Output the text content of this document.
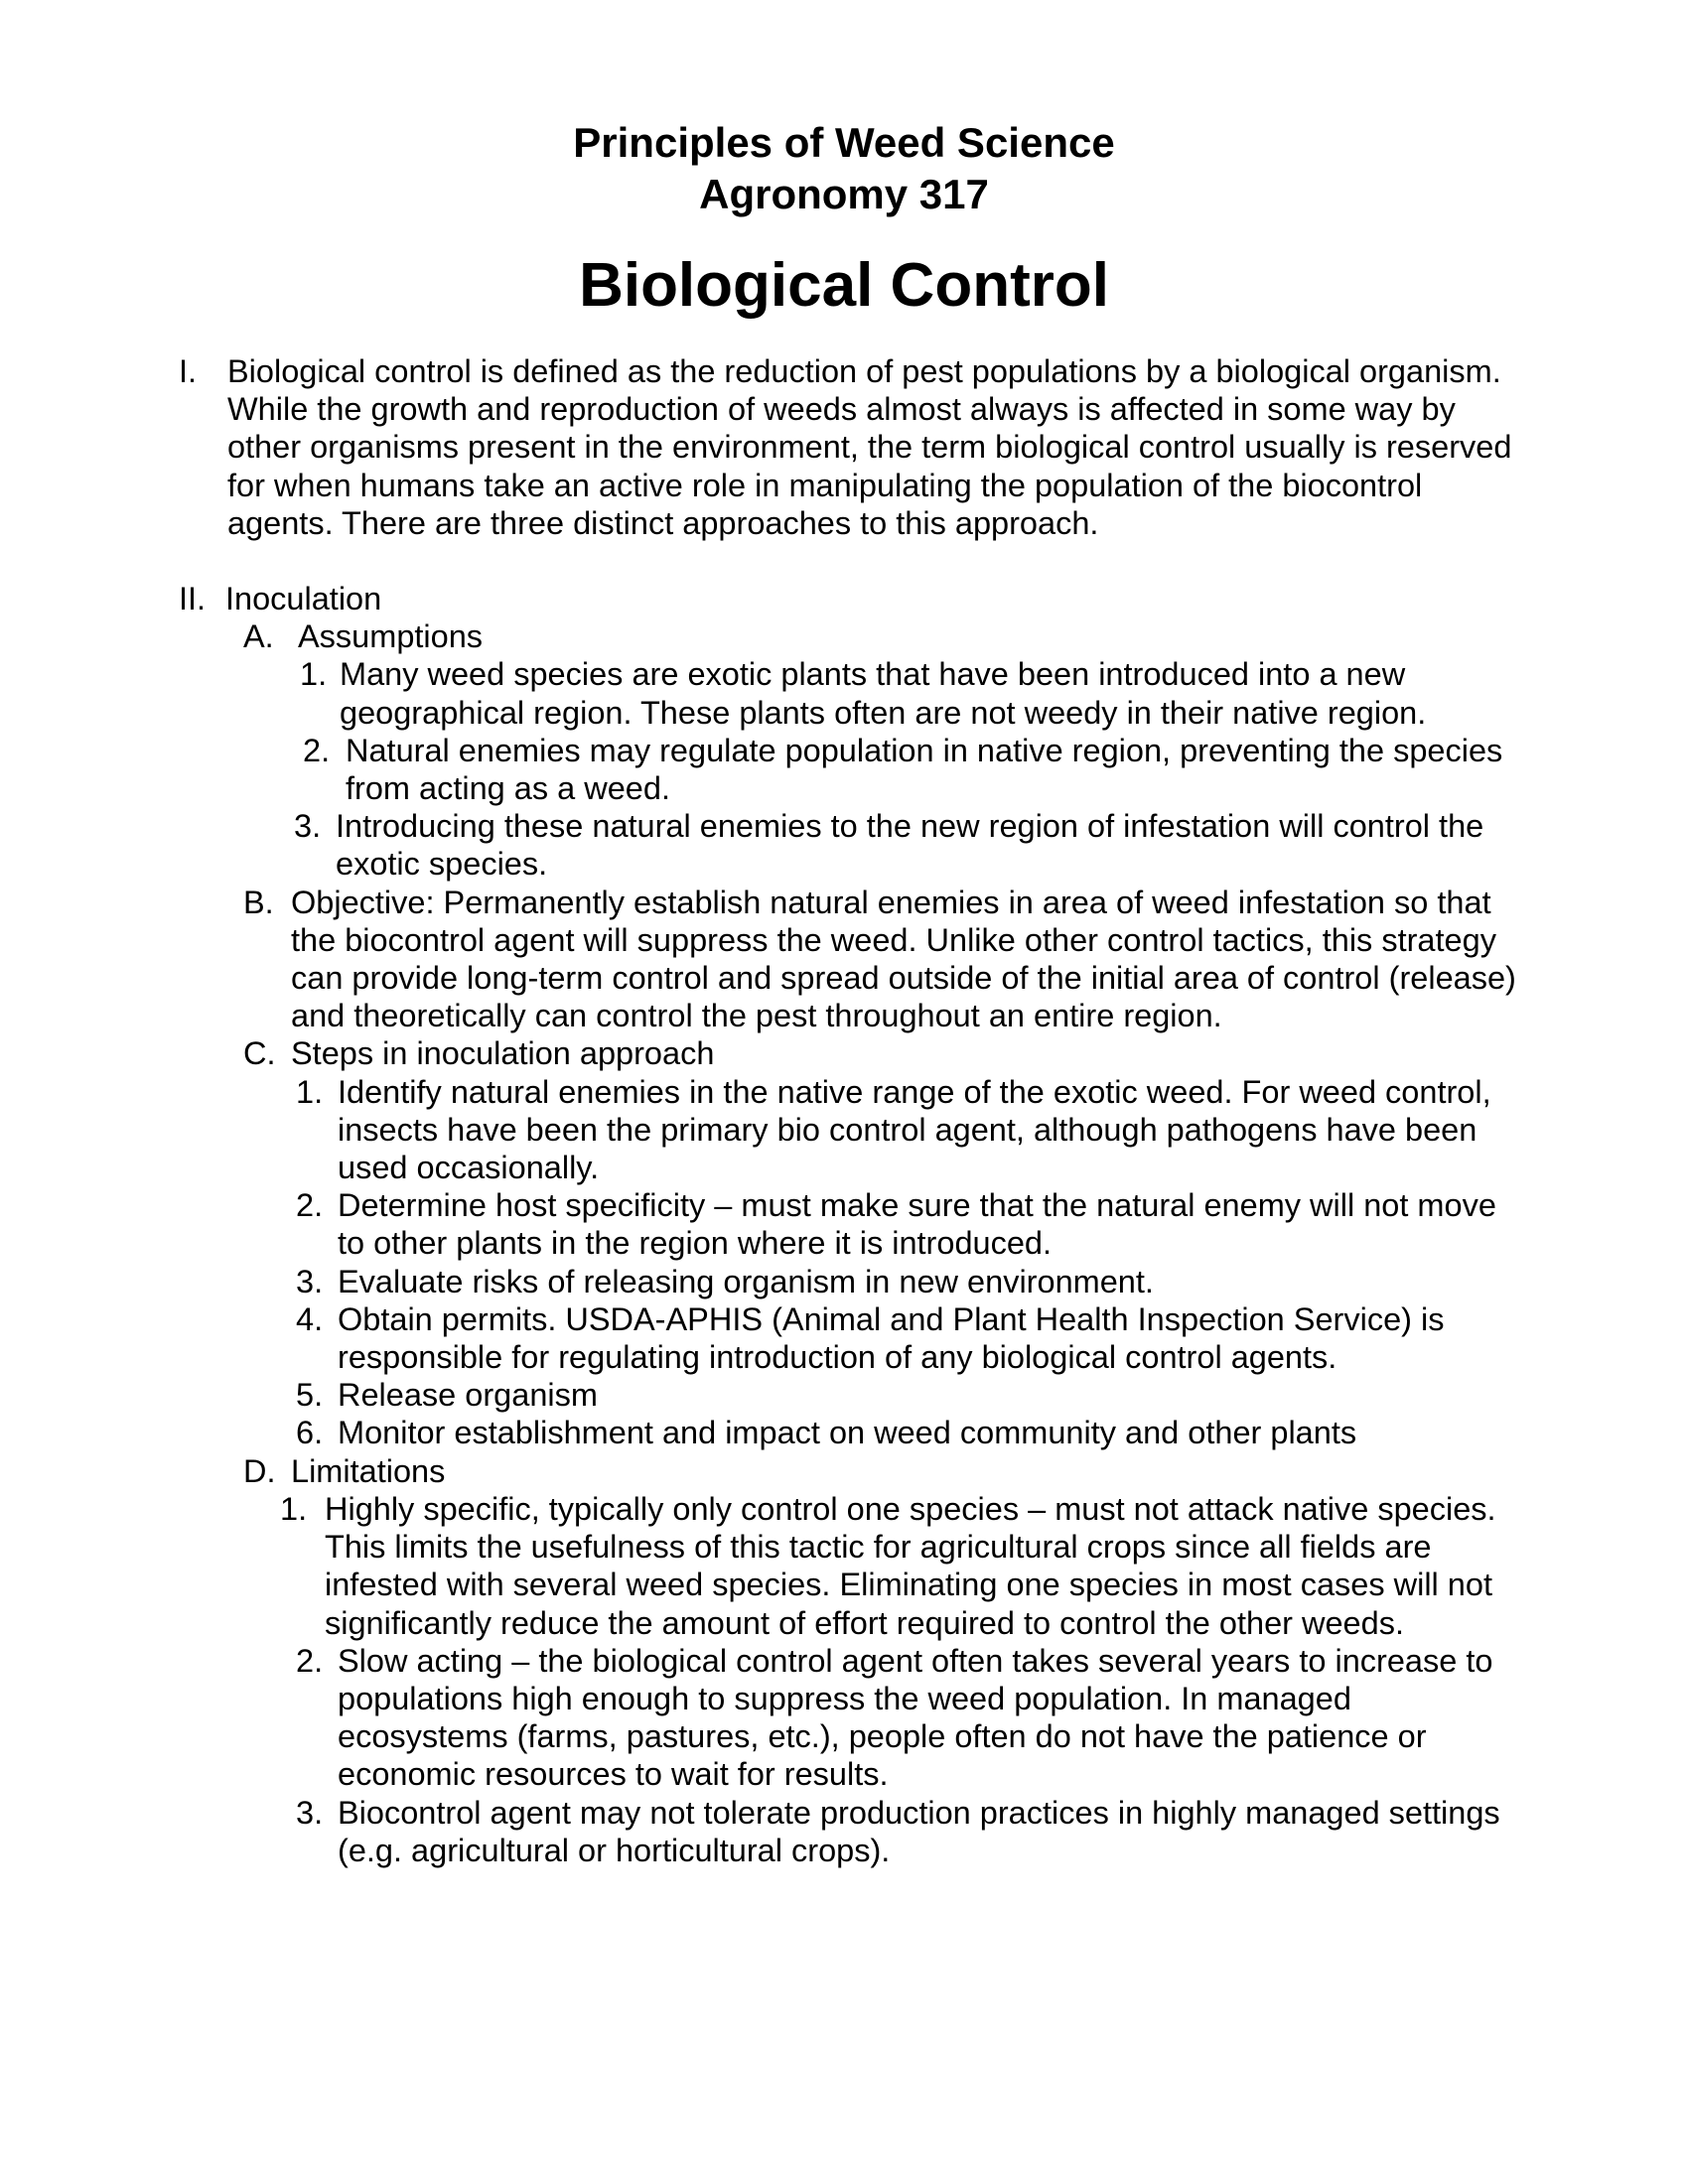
Principles of Weed Science
Agronomy 317
Biological Control
I. Biological control is defined as the reduction of pest populations by a biological organism. While the growth and reproduction of weeds almost always is affected in some way by other organisms present in the environment, the term biological control usually is reserved for when humans take an active role in manipulating the population of the biocontrol agents. There are three distinct approaches to this approach.
II. Inoculation
A. Assumptions
1. Many weed species are exotic plants that have been introduced into a new geographical region. These plants often are not weedy in their native region.
2. Natural enemies may regulate population in native region, preventing the species from acting as a weed.
3. Introducing these natural enemies to the new region of infestation will control the exotic species.
B. Objective: Permanently establish natural enemies in area of weed infestation so that the biocontrol agent will suppress the weed. Unlike other control tactics, this strategy can provide long-term control and spread outside of the initial area of control (release) and theoretically can control the pest throughout an entire region.
C. Steps in inoculation approach
1. Identify natural enemies in the native range of the exotic weed. For weed control, insects have been the primary bio control agent, although pathogens have been used occasionally.
2. Determine host specificity – must make sure that the natural enemy will not move to other plants in the region where it is introduced.
3. Evaluate risks of releasing organism in new environment.
4. Obtain permits. USDA-APHIS (Animal and Plant Health Inspection Service) is responsible for regulating introduction of any biological control agents.
5. Release organism
6. Monitor establishment and impact on weed community and other plants
D. Limitations
1. Highly specific, typically only control one species – must not attack native species. This limits the usefulness of this tactic for agricultural crops since all fields are infested with several weed species. Eliminating one species in most cases will not significantly reduce the amount of effort required to control the other weeds.
2. Slow acting – the biological control agent often takes several years to increase to populations high enough to suppress the weed population. In managed ecosystems (farms, pastures, etc.), people often do not have the patience or economic resources to wait for results.
3. Biocontrol agent may not tolerate production practices in highly managed settings (e.g. agricultural or horticultural crops).
